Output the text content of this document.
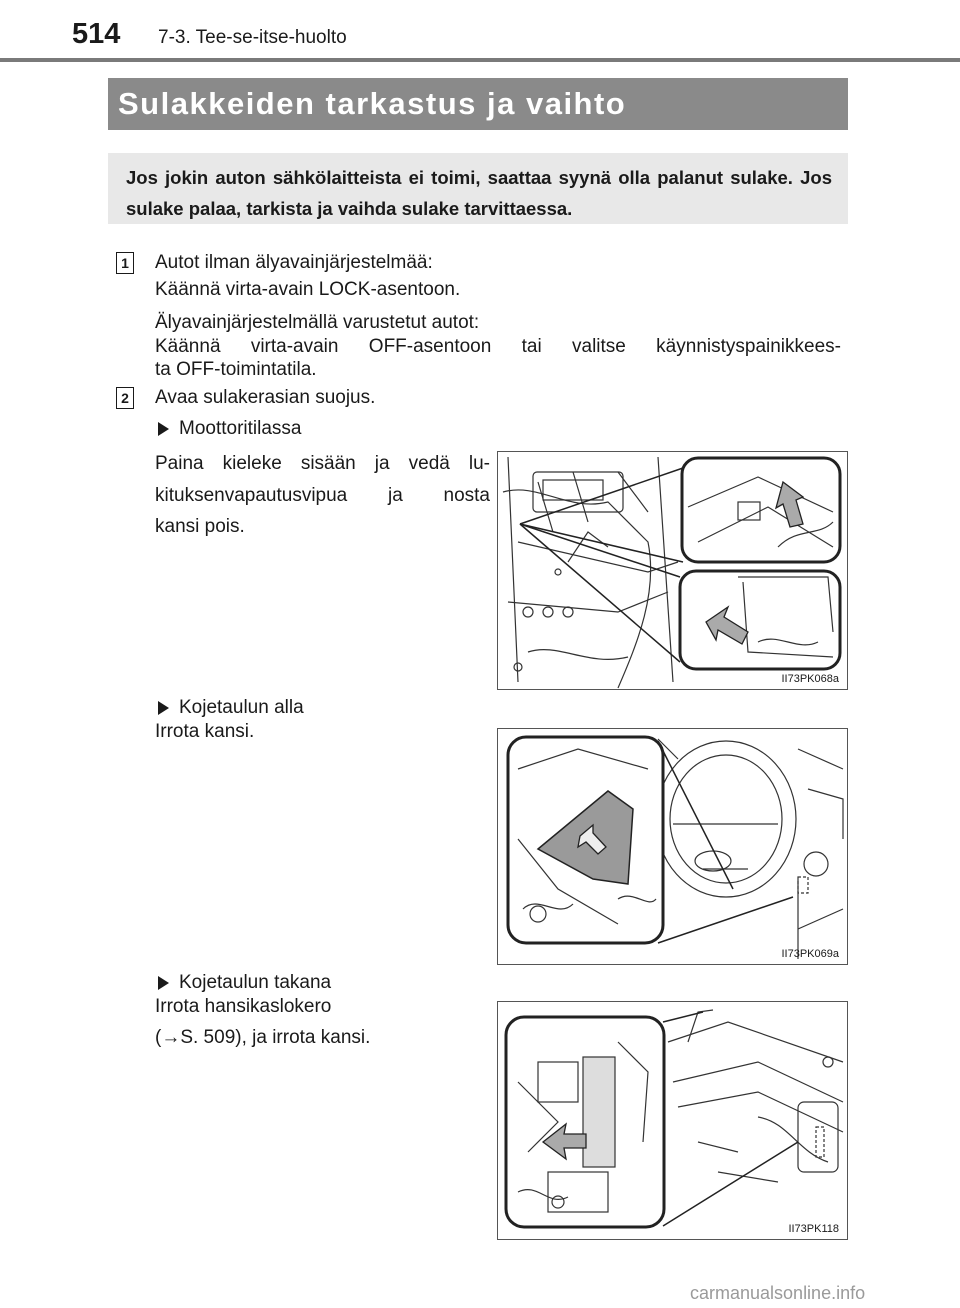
514 7-3. Tee-se-itse-huolto
Sulakkeiden tarkastus ja vaihto
Jos jokin auton sähkölaitteista ei toimi, saattaa syynä olla palanut sulake. Jos sulake palaa, tarkista ja vaihda sulake tarvittaessa.
1 Autot ilman älyavainjärjestelmää:
Käännä virta-avain LOCK-asentoon.
Älyavainjärjestelmällä varustetut autot:
Käännä virta-avain OFF-asentoon tai valitse käynnistyspainikkees-
ta OFF-toimintatila.
2 Avaa sulakerasian suojus.
Moottoritilassa
Paina kieleke sisään ja vedä lu-
kituksenvapautusvipua ja nosta
kansi pois.
II73PK068a
Kojetaulun alla
Irrota kansi.
II73PK069a
Kojetaulun takana
Irrota hansikaslokero
(→S. 509), ja irrota kansi.
II73PK118
carmanualsonline.info
